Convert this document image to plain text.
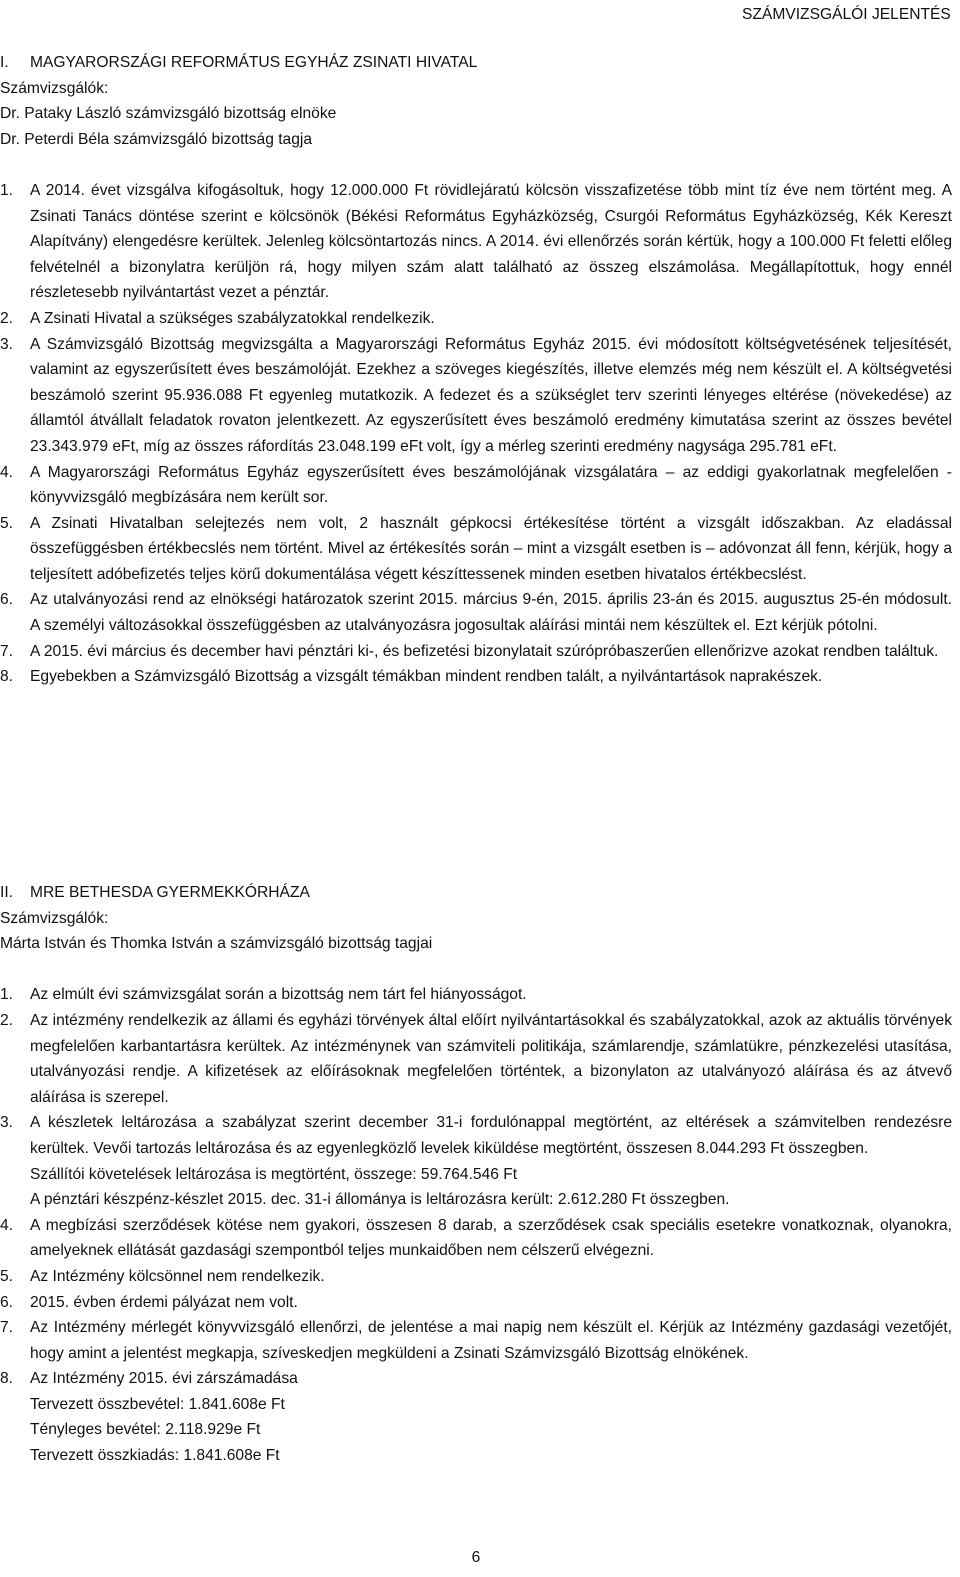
SZÁMVIZSGÁLÓI JELENTÉS
I.	MAGYARORSZÁGI REFORMÁTUS EGYHÁZ ZSINATI HIVATAL
Számvizsgálók:
Dr. Pataky László számvizsgáló bizottság elnöke
Dr. Peterdi Béla számvizsgáló bizottság tagja
1.	A 2014. évet vizsgálva kifogásoltuk, hogy 12.000.000 Ft rövidlejáratú kölcsön visszafizetése több mint tíz éve nem történt meg. A Zsinati Tanács döntése szerint e kölcsönök (Békési Református Egyházközség, Csurgói Református Egyházközség, Kék Kereszt Alapítvány) elengedésre kerültek. Jelenleg kölcsöntartozás nincs. A 2014. évi ellenőrzés során kértük, hogy a 100.000 Ft feletti előleg felvételnél a bizonylatra kerüljön rá, hogy milyen szám alatt található az összeg elszámolása. Megállapítottuk, hogy ennél részletesebb nyilvántartást vezet a pénztár.
2.	A Zsinati Hivatal a szükséges szabályzatokkal rendelkezik.
3.	A Számvizsgáló Bizottság megvizsgálta a Magyarországi Református Egyház 2015. évi módosított költségvetésének teljesítését, valamint az egyszerűsített éves beszámolóját. Ezekhez a szöveges kiegészítés, illetve elemzés még nem készült el. A költségvetési beszámoló szerint 95.936.088 Ft egyenleg mutatkozik. A fedezet és a szükséglet terv szerinti lényeges eltérése (növekedése) az államtól átvállalt feladatok rovaton jelentkezett. Az egyszerűsített éves beszámoló eredmény kimutatása szerint az összes bevétel 23.343.979 eFt, míg az összes ráfordítás 23.048.199 eFt volt, így a mérleg szerinti eredmény nagysága 295.781 eFt.
4.	A Magyarországi Református Egyház egyszerűsített éves beszámolójának vizsgálatára – az eddigi gyakorlatnak megfelelően - könyvvizsgáló megbízására nem került sor.
5.	A Zsinati Hivatalban selejtezés nem volt, 2 használt gépkocsi értékesítése történt a vizsgált időszakban. Az eladással összefüggésben értékbecslés nem történt. Mivel az értékesítés során – mint a vizsgált esetben is – adóvonzat áll fenn, kérjük, hogy a teljesített adóbefizetés teljes körű dokumentálása végett készíttessenek minden esetben hivatalos értékbecslést.
6.	Az utalványozási rend az elnökségi határozatok szerint 2015. március 9-én, 2015. április 23-án és 2015. augusztus 25-én módosult. A személyi változásokkal összefüggésben az utalványozásra jogosultak aláírási mintái nem készültek el. Ezt kérjük pótolni.
7.	A 2015. évi március és december havi pénztári ki-, és befizetési bizonylatait szúrópróbaszerűen ellenőrizve azokat rendben találtuk.
8.	Egyebekben a Számvizsgáló Bizottság a vizsgált témákban mindent rendben talált, a nyilvántartások naprakészek.
II.	MRE BETHESDA GYERMEKKÓRHÁZA
Számvizsgálók:
Márta István és Thomka István a számvizsgáló bizottság tagjai
1.	Az elmúlt évi számvizsgálat során a bizottság nem tárt fel hiányosságot.
2.	Az intézmény rendelkezik az állami és egyházi törvények által előírt nyilvántartásokkal és szabályzatokkal, azok az aktuális törvények megfelelően karbantartásra kerültek. Az intézménynek van számviteli politikája, számlarendje, számlatükre, pénzkezelési utasítása, utalványozási rendje. A kifizetések az előírásoknak megfelelően történtek, a bizonylaton az utalványozó aláírása és az átvevő aláírása is szerepel.
3.	A készletek leltározása a szabályzat szerint december 31-i fordulónappal megtörtént, az eltérések a számvitelben rendezésre kerültek. Vevői tartozás leltározása és az egyenlegközlő levelek kiküldése megtörtént, összesen 8.044.293 Ft összegben.
Szállítói követelések leltározása is megtörtént, összege: 59.764.546 Ft
A pénztári készpénz-készlet 2015. dec. 31-i állománya is leltározásra került: 2.612.280 Ft összegben.
4.	A megbízási szerződések kötése nem gyakori, összesen 8 darab, a szerződések csak speciális esetekre vonatkoznak, olyanokra, amelyeknek ellátását gazdasági szempontból teljes munkaidőben nem célszerű elvégezni.
5.	Az Intézmény kölcsönnel nem rendelkezik.
6.	2015. évben érdemi pályázat nem volt.
7.	Az Intézmény mérlegét könyvvizsgáló ellenőrzi, de jelentése a mai napig nem készült el. Kérjük az Intézmény gazdasági vezetőjét, hogy amint a jelentést megkapja, szíveskedjen megküldeni a Zsinati Számvizsgáló Bizottság elnökének.
8.	Az Intézmény 2015. évi zárszámadása
Tervezett összbevétel: 1.841.608e Ft
Tényleges bevétel: 2.118.929e Ft
Tervezett összkiadás: 1.841.608e Ft
6
